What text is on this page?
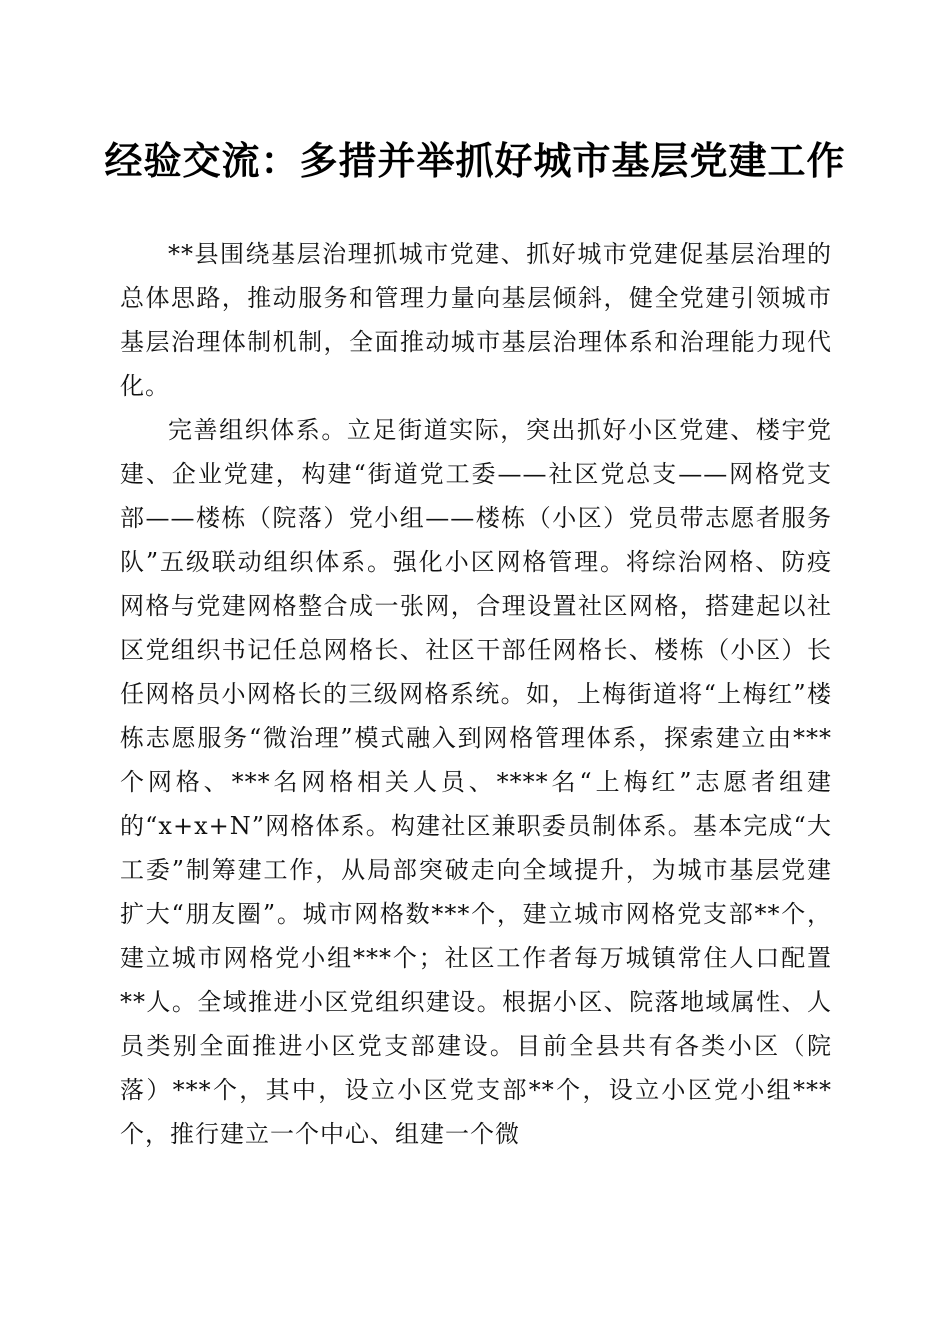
经验交流：多措并举抓好城市基层党建工作

**县围绕基层治理抓城市党建、抓好城市党建促基层治理的总体思路，推动服务和管理力量向基层倾斜，健全党建引领城市基层治理体制机制，全面推动城市基层治理体系和治理能力现代化。

完善组织体系。立足街道实际，突出抓好小区党建、楼宇党建、企业党建，构建“街道党工委——社区党总支——网格党支部——楼栋（院落）党小组——楼栋（小区）党员带志愿者服务队”五级联动组织体系。强化小区网格管理。将综治网格、防疫网格与党建网格整合成一张网，合理设置社区网格，搭建起以社区党组织书记任总网格长、社区干部任网格长、楼栋（小区）长任网格员小网格长的三级网格系统。如，上梅街道将“上梅红”楼栋志愿服务“微治理”模式融入到网格管理体系，探索建立由***个网格、***名网格相关人员、****名“上梅红”志愿者组建的“x+x+N”网格体系。构建社区兼职委员制体系。基本完成“大工委”制筹建工作，从局部突破走向全域提升，为城市基层党建扩大“朋友圈”。城市网格数***个，建立城市网格党支部**个，建立城市网格党小组***个；社区工作者每万城镇常住人口配置**人。全域推进小区党组织建设。根据小区、院落地域属性、人员类别全面推进小区党支部建设。目前全县共有各类小区（院落）***个，其中，设立小区党支部**个，设立小区党小组***个，推行建立一个中心、组建一个微
